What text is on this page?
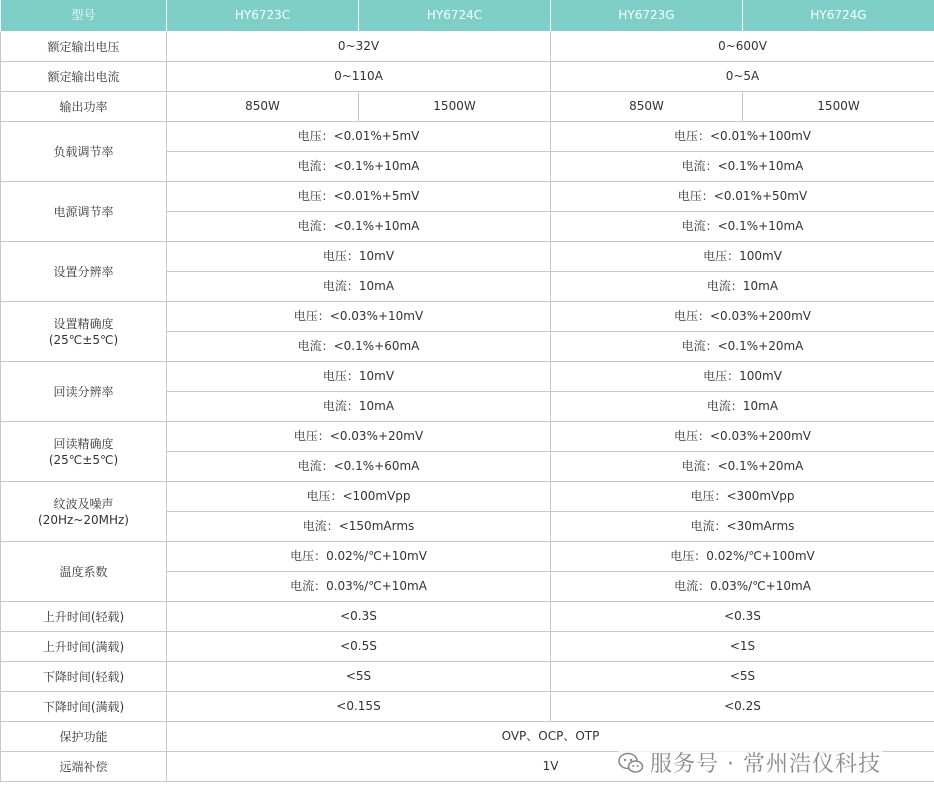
型号	HY6723C	HY6724C	HY6723G	HY6724G
额定输出电压	0~32V		0~600V	
额定输出电流	0~110A		0~5A	
输出功率	850W	1500W	850W	1500W
负载调节率	电压：<0.01%+5mV		电压：<0.01%+100mV	
	电流：<0.1%+10mA		电流：<0.1%+10mA	
电源调节率	电压：<0.01%+5mV		电压：<0.01%+50mV	
	电流：<0.1%+10mA		电流：<0.1%+10mA	
设置分辨率	电压：10mV		电压：100mV	
	电流：10mA		电流：10mA	

设置精确度
(25℃±5℃)	电压：<0.03%+10mV		电压：<0.03%+200mV	
	电流：<0.1%+60mA		电流：<0.1%+20mA	
回读分辨率	电压：10mV		电压：100mV	
	电流：10mA		电流：10mA	

回读精确度
(25℃±5℃)	电压：<0.03%+20mV		电压：<0.03%+200mV	
	电流：<0.1%+60mA		电流：<0.1%+20mA	

纹波及噪声
(20Hz~20MHz)	电压：<100mVpp		电压：<300mVpp	
	电流：<150mArms		电流：<30mArms	
温度系数	电压：0.02%/℃+10mV		电压：0.02%/℃+100mV	
	电流：0.03%/℃+10mA		电流：0.03%/℃+10mA	
上升时间(轻载)	<0.3S		<0.3S	
上升时间(满载)	<0.5S		<1S	
下降时间(轻载)	<5S		<5S	
下降时间(满载)	<0.15S		<0.2S	
保护功能	OVP、OCP、OTP			
远端补偿	1V				服务号 · 常州浩仪科技
